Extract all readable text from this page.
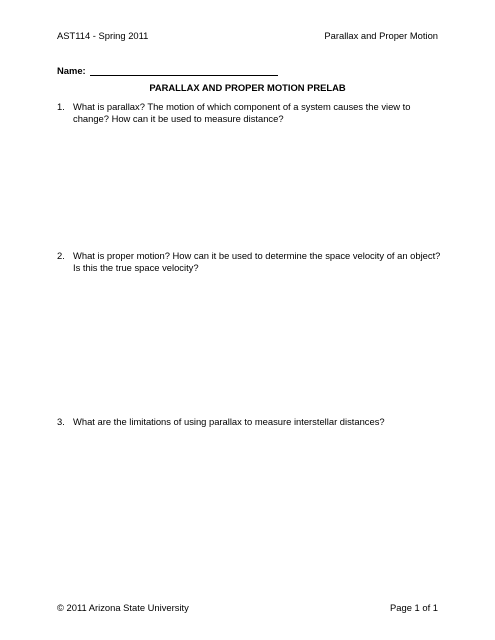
AST114 - Spring 2011	Parallax and Proper Motion
Name:
PARALLAX AND PROPER MOTION PRELAB
1. What is parallax? The motion of which component of a system causes the view to change? How can it be used to measure distance?
2. What is proper motion? How can it be used to determine the space velocity of an object? Is this the true space velocity?
3. What are the limitations of using parallax to measure interstellar distances?
© 2011 Arizona State University	Page 1 of 1
